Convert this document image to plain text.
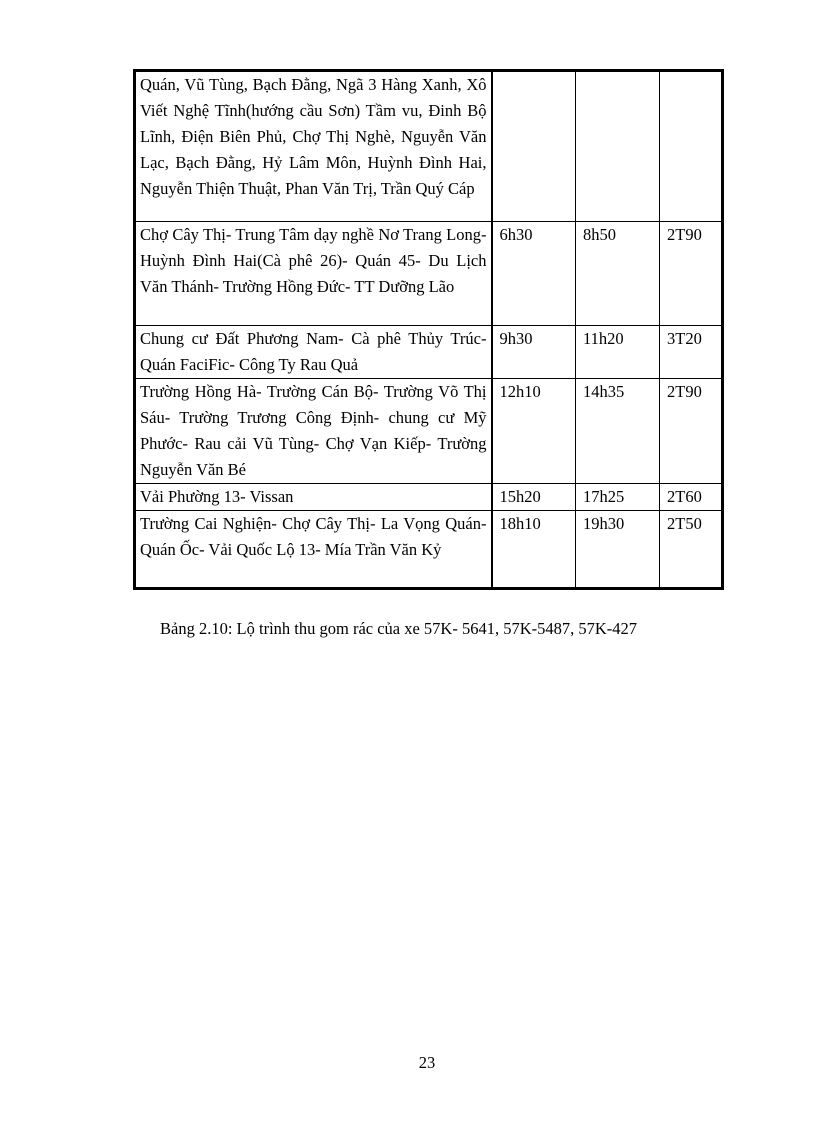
Quán, Vũ Tùng, Bạch Đằng, Ngã 3 Hàng Xanh, Xô Viết Nghệ Tĩnh(hướng cầu Sơn) Tầm vu, Đinh Bộ Lĩnh, Điện Biên Phủ, Chợ Thị Nghè, Nguyễn Văn Lạc, Bạch Đằng, Hỷ Lâm Môn, Huỳnh Đình Hai, Nguyễn Thiện Thuật, Phan Văn Trị, Trần Quý Cáp			
Chợ Cây Thị- Trung Tâm dạy nghề Nơ Trang Long- Huỳnh Đình Hai(Cà phê 26)- Quán 45- Du Lịch Văn Thánh- Trường Hồng Đức- TT Dưỡng Lão	6h30	8h50	2T90
Chung cư Đất Phương Nam- Cà phê Thủy Trúc- Quán FaciFic- Công Ty Rau Quả	9h30	11h20	3T20
Trường Hồng Hà- Trường Cán Bộ- Trường Võ Thị Sáu- Trường Trương Công Định- chung cư Mỹ Phước- Rau cải Vũ Tùng- Chợ Vạn Kiếp- Trường Nguyễn Văn Bé	12h10	14h35	2T90
Vải Phường 13- Vissan	15h20	17h25	2T60
Trường Cai Nghiện- Chợ Cây Thị- La Vọng Quán-Quán Ốc- Vải Quốc Lộ 13- Mía Trần Văn Kỷ	18h10	19h30	2T50
Bảng 2.10: Lộ trình thu gom rác của xe 57K- 5641, 57K-5487, 57K-427
23
